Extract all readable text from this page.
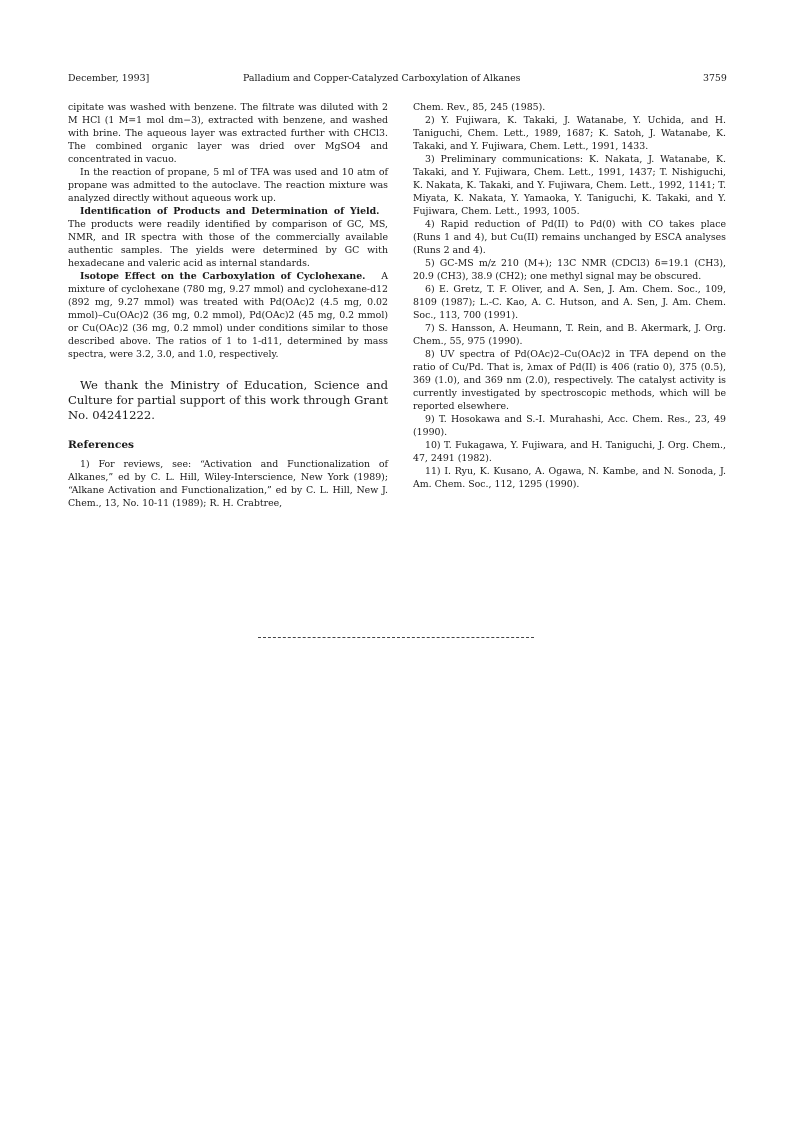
December, 1993]	Palladium and Copper-Catalyzed Carboxylation of Alkanes	3759

cipitate was washed with benzene. The filtrate was diluted with 2 M HCl (1 M=1 mol dm−3), extracted with benzene, and washed with brine. The aqueous layer was extracted further with CHCl3. The combined organic layer was dried over MgSO4 and concentrated in vacuo.

In the reaction of propane, 5 ml of TFA was used and 10 atm of propane was admitted to the autoclave. The reaction mixture was analyzed directly without aqueous work up.

Identification of Products and Determination of Yield.   The products were readily identified by comparison of GC, MS, NMR, and IR spectra with those of the commercially available authentic samples. The yields were determined by GC with hexadecane and valeric acid as internal standards.

Isotope Effect on the Carboxylation of Cyclohexane. A mixture of cyclohexane (780 mg, 9.27 mmol) and cyclohexane-d12 (892 mg, 9.27 mmol) was treated with Pd(OAc)2 (4.5 mg, 0.02 mmol)–Cu(OAc)2 (36 mg, 0.2 mmol), Pd(OAc)2 (45 mg, 0.2 mmol) or Cu(OAc)2 (36 mg, 0.2 mmol) under conditions similar to those described above. The ratios of 1 to 1-d11, determined by mass spectra, were 3.2, 3.0, and 1.0, respectively.

We thank the Ministry of Education, Science and Culture for partial support of this work through Grant No. 04241222.

References

1) For reviews, see: “Activation and Functionalization of Alkanes,” ed by C. L. Hill, Wiley-Interscience, New York (1989); “Alkane Activation and Functionalization,” ed by C. L. Hill, New J. Chem., 13, No. 10-11 (1989); R. H. Crabtree,

Chem. Rev., 85, 245 (1985).

2) Y. Fujiwara, K. Takaki, J. Watanabe, Y. Uchida, and H. Taniguchi, Chem. Lett., 1989, 1687; K. Satoh, J. Watanabe, K. Takaki, and Y. Fujiwara, Chem. Lett., 1991, 1433.

3) Preliminary communications: K. Nakata, J. Watanabe, K. Takaki, and Y. Fujiwara, Chem. Lett., 1991, 1437; T. Nishiguchi, K. Nakata, K. Takaki, and Y. Fujiwara, Chem. Lett., 1992, 1141; T. Miyata, K. Nakata, Y. Yamaoka, Y. Taniguchi, K. Takaki, and Y. Fujiwara, Chem. Lett., 1993, 1005.

4) Rapid reduction of Pd(II) to Pd(0) with CO takes place (Runs 1 and 4), but Cu(II) remains unchanged by ESCA analyses (Runs 2 and 4).

5) GC-MS m/z 210 (M+); 13C NMR (CDCl3) δ=19.1 (CH3), 20.9 (CH3), 38.9 (CH2); one methyl signal may be obscured.

6) E. Gretz, T. F. Oliver, and A. Sen, J. Am. Chem. Soc., 109, 8109 (1987); L.-C. Kao, A. C. Hutson, and A. Sen, J. Am. Chem. Soc., 113, 700 (1991).

7) S. Hansson, A. Heumann, T. Rein, and B. Akermark, J. Org. Chem., 55, 975 (1990).

8) UV spectra of Pd(OAc)2–Cu(OAc)2 in TFA depend on the ratio of Cu/Pd. That is, λmax of Pd(II) is 406 (ratio 0), 375 (0.5), 369 (1.0), and 369 nm (2.0), respectively. The catalyst activity is currently investigated by spectroscopic methods, which will be reported elsewhere.

9) T. Hosokawa and S.-I. Murahashi, Acc. Chem. Res., 23, 49 (1990).

10) T. Fukagawa, Y. Fujiwara, and H. Taniguchi, J. Org. Chem., 47, 2491 (1982).

11) I. Ryu, K. Kusano, A. Ogawa, N. Kambe, and N. Sonoda, J. Am. Chem. Soc., 112, 1295 (1990).
